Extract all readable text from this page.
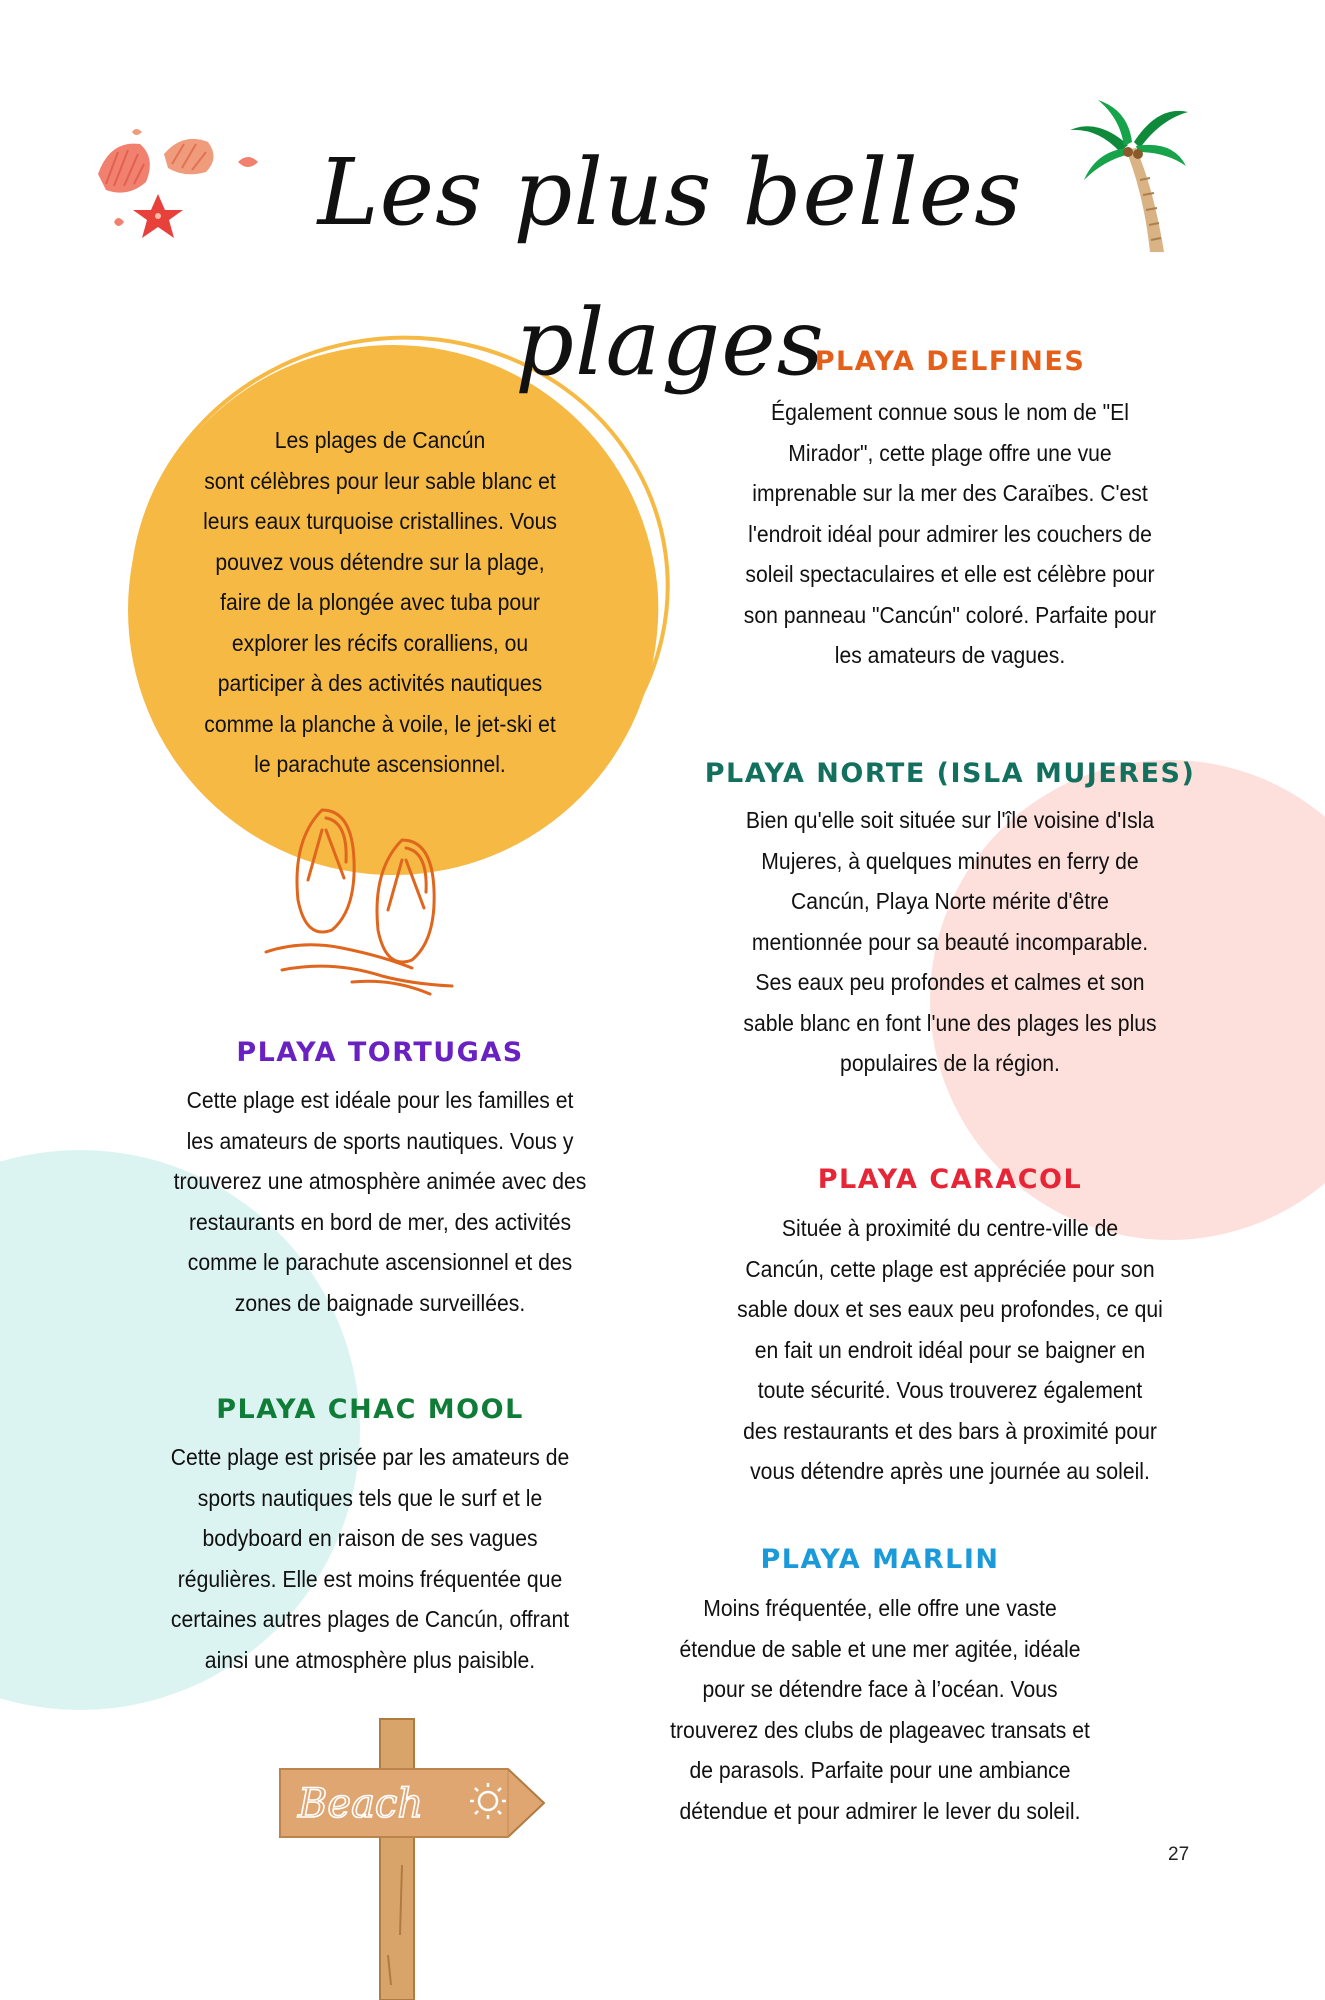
Les plus belles plages
Les plages de Cancún
sont célèbres pour leur sable blanc et
leurs eaux turquoise cristallines. Vous
pouvez vous détendre sur la plage,
faire de la plongée avec tuba pour
explorer les récifs coralliens, ou
participer à des activités nautiques
comme la planche à voile, le jet-ski et
le parachute ascensionnel.
PLAYA DELFINES
Également connue sous le nom de "El
Mirador", cette plage offre une vue
imprenable sur la mer des Caraïbes. C'est
l'endroit idéal pour admirer les couchers de
soleil spectaculaires et elle est célèbre pour
son panneau "Cancún" coloré. Parfaite pour
les amateurs de vagues.
PLAYA NORTE (ISLA MUJERES)
Bien qu'elle soit située sur l'île voisine d'Isla
Mujeres, à quelques minutes en ferry de
Cancún, Playa Norte mérite d'être
mentionnée pour sa beauté incomparable.
Ses eaux peu profondes et calmes et son
sable blanc en font l'une des plages les plus
populaires de la région.
PLAYA CARACOL
Située à proximité du centre-ville de
Cancún, cette plage est appréciée pour son
sable doux et ses eaux peu profondes, ce qui
en fait un endroit idéal pour se baigner en
toute sécurité. Vous trouverez également
des restaurants et des bars à proximité pour
vous détendre après une journée au soleil.
PLAYA MARLIN
Moins fréquentée, elle offre une vaste
étendue de sable et une mer agitée, idéale
pour se détendre face à l’océan. Vous
trouverez des clubs de plageavec transats et
de parasols. Parfaite pour une ambiance
détendue et pour admirer le lever du soleil.
PLAYA TORTUGAS
Cette plage est idéale pour les familles et
les amateurs de sports nautiques. Vous y
trouverez une atmosphère animée avec des
restaurants en bord de mer, des activités
comme le parachute ascensionnel et des
zones de baignade surveillées.
PLAYA CHAC MOOL
Cette plage est prisée par les amateurs de
sports nautiques tels que le surf et le
bodyboard en raison de ses vagues
régulières. Elle est moins fréquentée que
certaines autres plages de Cancún, offrant
ainsi une atmosphère plus paisible.
Beach
27
